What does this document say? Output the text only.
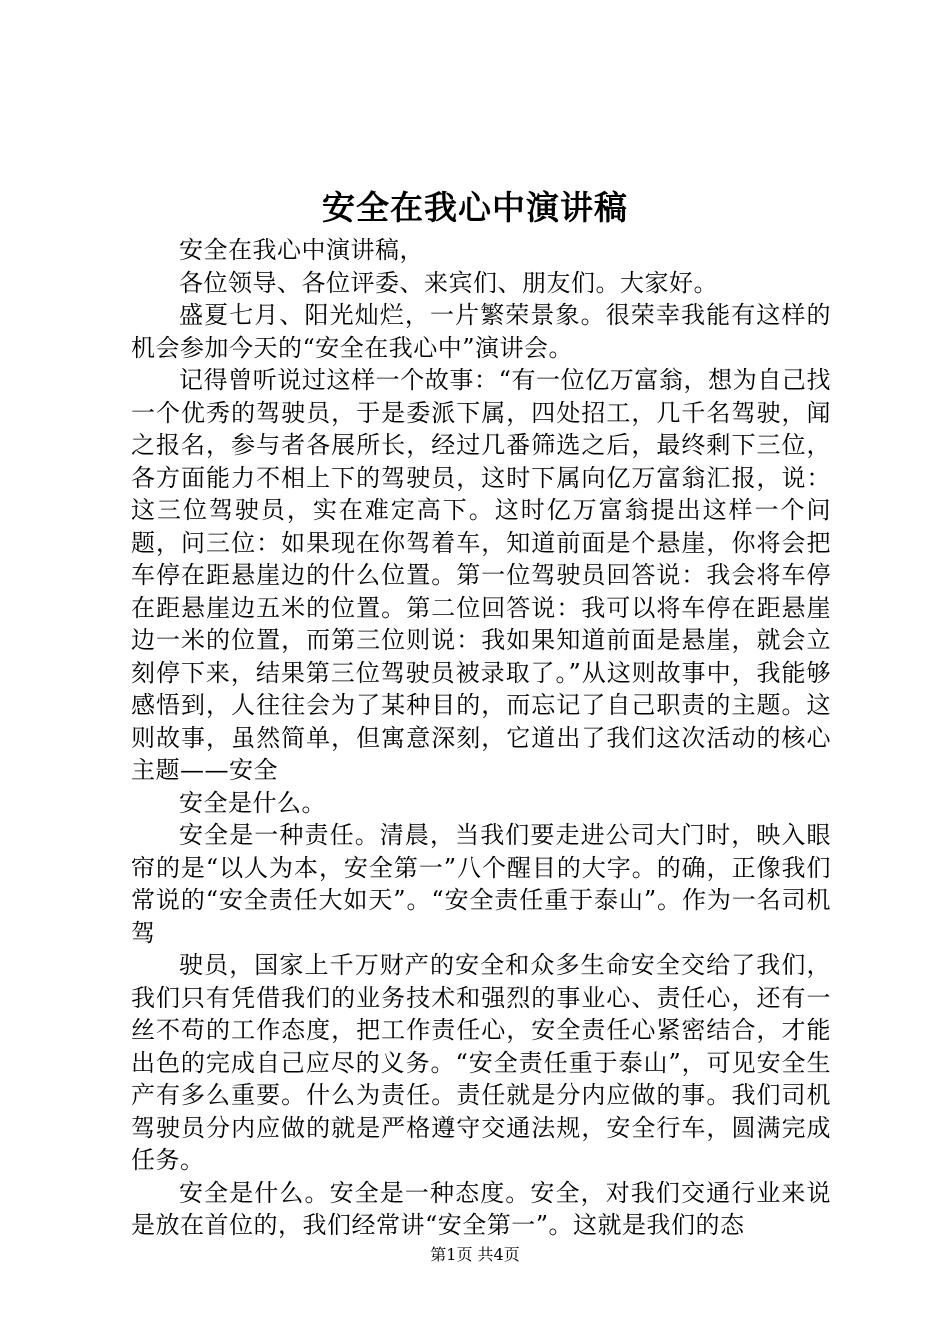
安全在我心中演讲稿

安全在我心中演讲稿，

各位领导、各位评委、来宾们、朋友们。大家好。

盛夏七月、阳光灿烂，一片繁荣景象。很荣幸我能有这样的机会参加今天的“安全在我心中”演讲会。

记得曾听说过这样一个故事：“有一位亿万富翁，想为自己找一个优秀的驾驶员，于是委派下属，四处招工，几千名驾驶，闻之报名，参与者各展所长，经过几番筛选之后，最终剩下三位，各方面能力不相上下的驾驶员，这时下属向亿万富翁汇报，说：这三位驾驶员，实在难定高下。这时亿万富翁提出这样一个问题，问三位：如果现在你驾着车，知道前面是个悬崖，你将会把车停在距悬崖边的什么位置。第一位驾驶员回答说：我会将车停在距悬崖边五米的位置。第二位回答说：我可以将车停在距悬崖边一米的位置，而第三位则说：我如果知道前面是悬崖，就会立刻停下来，结果第三位驾驶员被录取了。”从这则故事中，我能够感悟到，人往往会为了某种目的，而忘记了自己职责的主题。这则故事，虽然简单，但寓意深刻，它道出了我们这次活动的核心主题——安全

安全是什么。

安全是一种责任。清晨，当我们要走进公司大门时，映入眼帘的是“以人为本，安全第一”八个醒目的大字。的确，正像我们常说的“安全责任大如天”。“安全责任重于泰山”。作为一名司机驾

驶员，国家上千万财产的安全和众多生命安全交给了我们，我们只有凭借我们的业务技术和强烈的事业心、责任心，还有一丝不苟的工作态度，把工作责任心，安全责任心紧密结合，才能出色的完成自己应尽的义务。“安全责任重于泰山”，可见安全生产有多么重要。什么为责任。责任就是分内应做的事。我们司机驾驶员分内应做的就是严格遵守交通法规，安全行车，圆满完成任务。

安全是什么。安全是一种态度。安全，对我们交通行业来说是放在首位的，我们经常讲“安全第一”。这就是我们的态

第1页 共4页
